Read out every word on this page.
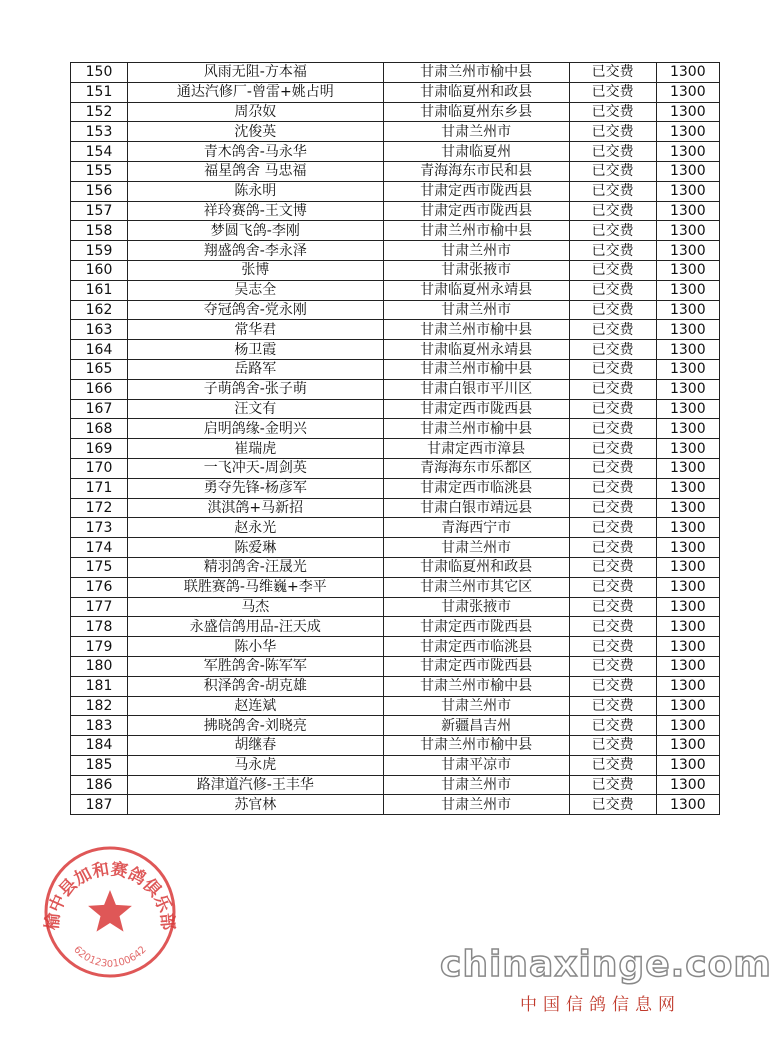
150	风雨无阻-方本福	甘肃兰州市榆中县	已交费	1300
151	通达汽修厂-曾雷+姚占明	甘肃临夏州和政县	已交费	1300
152	周尕奴	甘肃临夏州东乡县	已交费	1300
153	沈俊英	甘肃兰州市	已交费	1300
154	青木鸽舍-马永华	甘肃临夏州	已交费	1300
155	福星鸽舍 马忠福	青海海东市民和县	已交费	1300
156	陈永明	甘肃定西市陇西县	已交费	1300
157	祥玲赛鸽-王文博	甘肃定西市陇西县	已交费	1300
158	梦圆飞鸽-李刚	甘肃兰州市榆中县	已交费	1300
159	翔盛鸽舍-李永泽	甘肃兰州市	已交费	1300
160	张博	甘肃张掖市	已交费	1300
161	吴志全	甘肃临夏州永靖县	已交费	1300
162	夺冠鸽舍-党永刚	甘肃兰州市	已交费	1300
163	常华君	甘肃兰州市榆中县	已交费	1300
164	杨卫霞	甘肃临夏州永靖县	已交费	1300
165	岳路军	甘肃兰州市榆中县	已交费	1300
166	子萌鸽舍-张子萌	甘肃白银市平川区	已交费	1300
167	汪文有	甘肃定西市陇西县	已交费	1300
168	启明鸽缘-金明兴	甘肃兰州市榆中县	已交费	1300
169	崔瑞虎	甘肃定西市漳县	已交费	1300
170	一飞冲天-周剑英	青海海东市乐都区	已交费	1300
171	勇夺先锋-杨彦军	甘肃定西市临洮县	已交费	1300
172	淇淇鸽+马新招	甘肃白银市靖远县	已交费	1300
173	赵永光	青海西宁市	已交费	1300
174	陈爱琳	甘肃兰州市	已交费	1300
175	精羽鸽舍-汪晟光	甘肃临夏州和政县	已交费	1300
176	联胜赛鸽-马维巍+李平	甘肃兰州市其它区	已交费	1300
177	马杰	甘肃张掖市	已交费	1300
178	永盛信鸽用品-汪天成	甘肃定西市陇西县	已交费	1300
179	陈小华	甘肃定西市临洮县	已交费	1300
180	军胜鸽舍-陈军军	甘肃定西市陇西县	已交费	1300
181	积泽鸽舍-胡克雄	甘肃兰州市榆中县	已交费	1300
182	赵连斌	甘肃兰州市	已交费	1300
183	拂晓鸽舍-刘晓亮	新疆昌吉州	已交费	1300
184	胡继春	甘肃兰州市榆中县	已交费	1300
185	马永虎	甘肃平凉市	已交费	1300
186	路津道汽修-王丰华	甘肃兰州市	已交费	1300
187	苏官林	甘肃兰州市	已交费	1300
6201230100642
榆中县加和赛鸽俱乐部
chinaxinge.com
中国信鸽信息网
